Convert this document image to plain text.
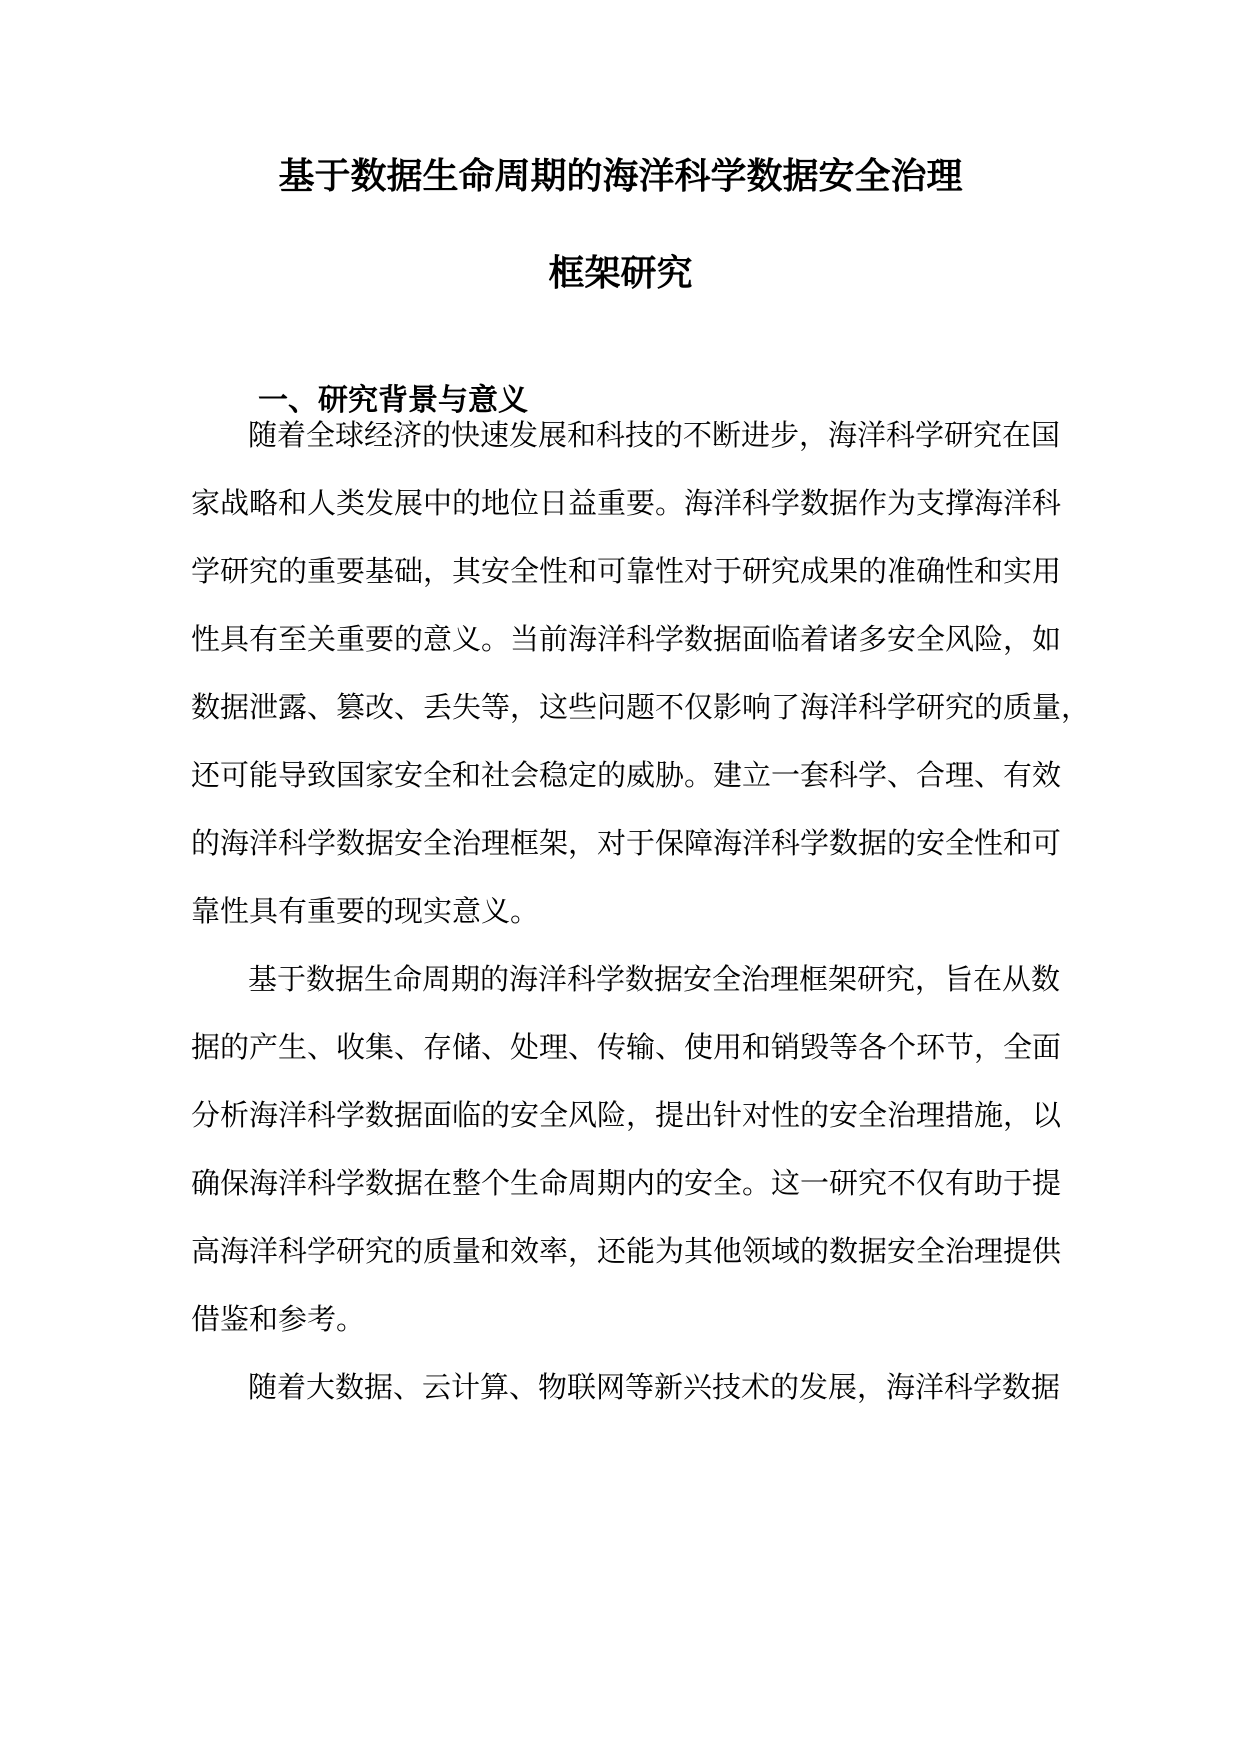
基于数据生命周期的海洋科学数据安全治理
框架研究
一、研究背景与意义
随着全球经济的快速发展和科技的不断进步，海洋科学研究在国
家战略和人类发展中的地位日益重要。海洋科学数据作为支撑海洋科
学研究的重要基础，其安全性和可靠性对于研究成果的准确性和实用
性具有至关重要的意义。当前海洋科学数据面临着诸多安全风险，如
数据泄露、篡改、丢失等，这些问题不仅影响了海洋科学研究的质量，
还可能导致国家安全和社会稳定的威胁。建立一套科学、合理、有效
的海洋科学数据安全治理框架，对于保障海洋科学数据的安全性和可
靠性具有重要的现实意义。
基于数据生命周期的海洋科学数据安全治理框架研究，旨在从数
据的产生、收集、存储、处理、传输、使用和销毁等各个环节，全面
分析海洋科学数据面临的安全风险，提出针对性的安全治理措施，以
确保海洋科学数据在整个生命周期内的安全。这一研究不仅有助于提
高海洋科学研究的质量和效率，还能为其他领域的数据安全治理提供
借鉴和参考。
随着大数据、云计算、物联网等新兴技术的发展，海洋科学数据
